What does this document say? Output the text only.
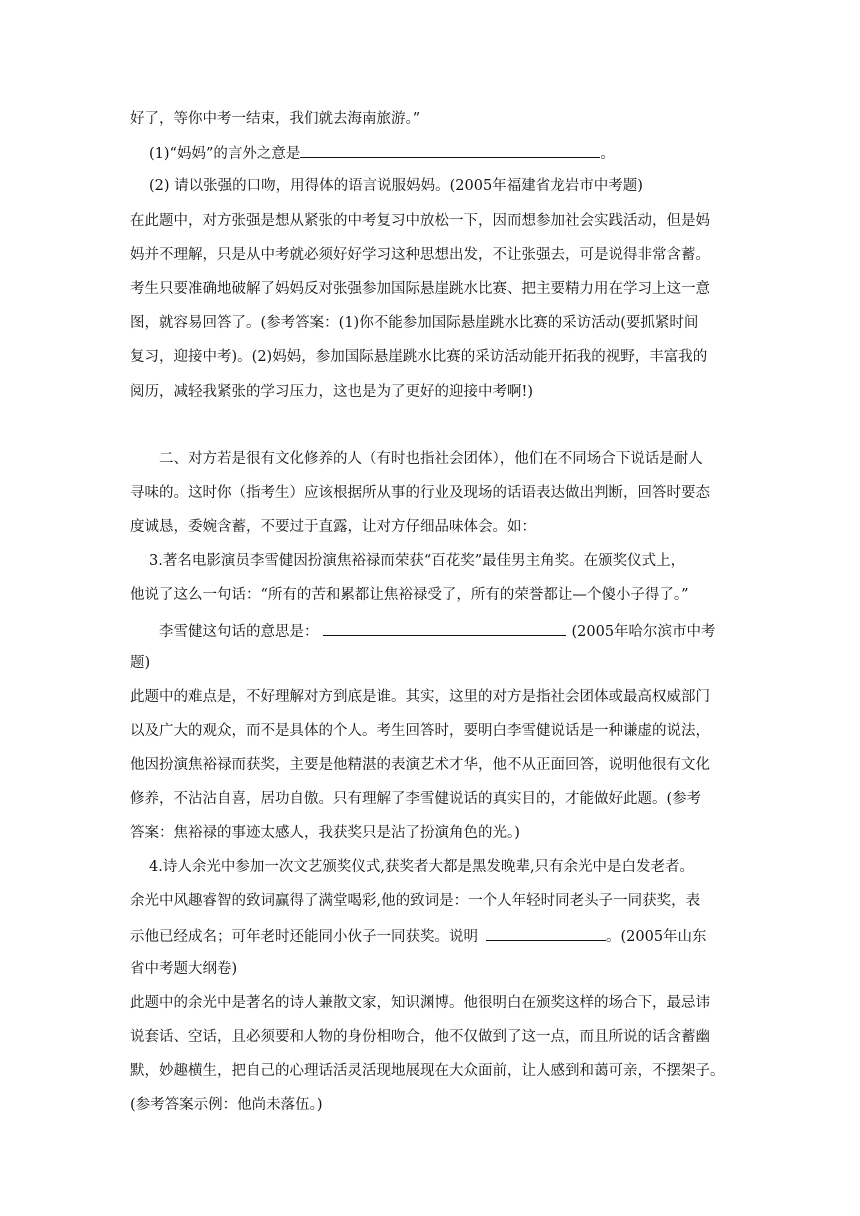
好了，等你中考一结束，我们就去海南旅游。”
(1)“妈妈”的言外之意是	。
(2) 请以张强的口吻，用得体的语言说服妈妈。(2005年福建省龙岩市中考题)
在此题中，对方张强是想从紧张的中考复习中放松一下，因而想参加社会实践活动，但是妈
妈并不理解，只是从中考就必须好好学习这种思想出发，不让张强去，可是说得非常含蓄。
考生只要准确地破解了妈妈反对张强参加国际悬崖跳水比赛、把主要精力用在学习上这一意
图，就容易回答了。(参考答案：(1)你不能参加国际悬崖跳水比赛的采访活动(要抓紧时间
复习，迎接中考)。(2)妈妈，参加国际悬崖跳水比赛的采访活动能开拓我的视野，丰富我的
阅历，减轻我紧张的学习压力，这也是为了更好的迎接中考啊!)
二、对方若是很有文化修养的人（有时也指社会团体），他们在不同场合下说话是耐人
寻味的。这时你（指考生）应该根据所从事的行业及现场的话语表达做出判断，回答时要态
度诚恳，委婉含蓄，不要过于直露，让对方仔细品味体会。如：
3.著名电影演员李雪健因扮演焦裕禄而荣获“百花奖”最佳男主角奖。在颁奖仪式上，
他说了这么一句话：“所有的苦和累都让焦裕禄受了，所有的荣誉都让—个傻小子得了。”
李雪健这句话的意思是：	(2005年哈尔滨市中考
题)
此题中的难点是，不好理解对方到底是谁。其实，这里的对方是指社会团体或最高权威部门
以及广大的观众，而不是具体的个人。考生回答时，要明白李雪健说话是一种谦虚的说法，
他因扮演焦裕禄而获奖，主要是他精湛的表演艺术才华，他不从正面回答，说明他很有文化
修养，不沾沾自喜，居功自傲。只有理解了李雪健说话的真实目的，才能做好此题。(参考
答案：焦裕禄的事迹太感人，我获奖只是沾了扮演角色的光。)
4.诗人余光中参加一次文艺颁奖仪式,获奖者大都是黑发晚辈,只有余光中是白发老者。
余光中风趣睿智的致词赢得了满堂喝彩,他的致词是：一个人年轻时同老头子一同获奖，表
示他已经成名；可年老时还能同小伙子一同获奖。说明	。(2005年山东
省中考题大纲卷)
此题中的余光中是著名的诗人兼散文家，知识渊博。他很明白在颁奖这样的场合下，最忌讳
说套话、空话，且必须要和人物的身份相吻合，他不仅做到了这一点，而且所说的话含蓄幽
默，妙趣横生，把自己的心理话活灵活现地展现在大众面前，让人感到和蔼可亲，不摆架子。
(参考答案示例：他尚未落伍。)
